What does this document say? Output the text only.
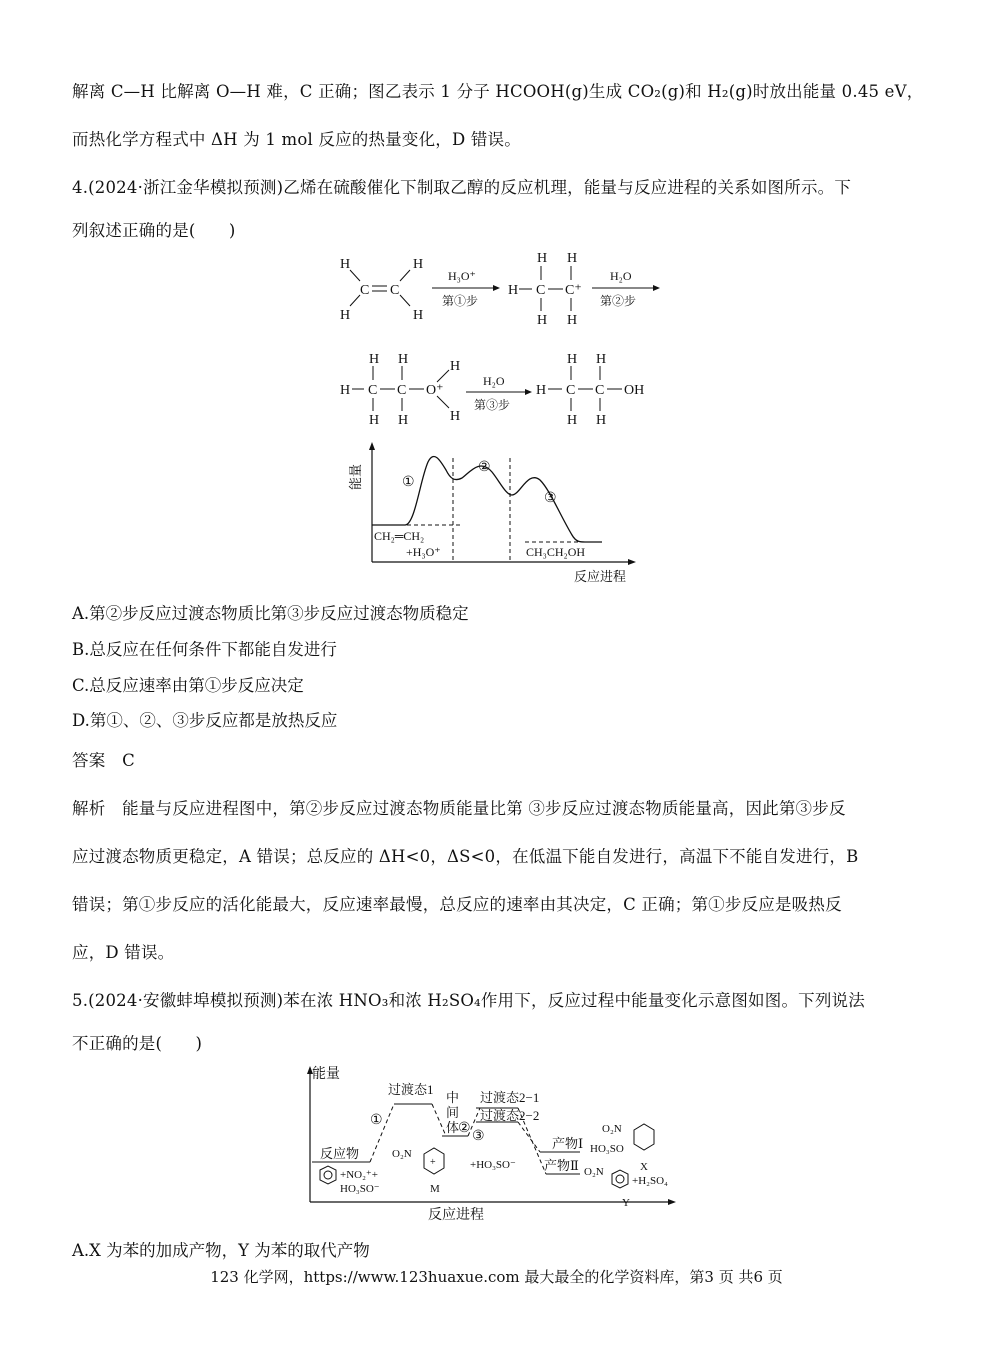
解离 C—H 比解离 O—H 难，C 正确；图乙表示 1 分子 HCOOH(g)生成 CO₂(g)和 H₂(g)时放出能量 0.45 eV，
而热化学方程式中 ΔH 为 1 mol 反应的热量变化，D 错误。
4.(2024·浙江金华模拟预测)乙烯在硫酸催化下制取乙醇的反应机理，能量与反应进程的关系如图所示。下
列叙述正确的是(　　)
H
H
H
H
C C
H₃O⁺
第①步
H C C⁺
H H
H H
H₂O
第②步
H C C O⁺
H H
H H
H
H
H₂O
第③步
H C C OH
H H
H H
能量
反应进程
①
②
③
CH₂═CH₂
+H₃O⁺	CH₃CH₂OH
A.第②步反应过渡态物质比第③步反应过渡态物质稳定
B.总反应在任何条件下都能自发进行
C.总反应速率由第①步反应决定
D.第①、②、③步反应都是放热反应
答案　C
解析　能量与反应进程图中，第②步反应过渡态物质能量比第 ③步反应过渡态物质能量高，因此第③步反
应过渡态物质更稳定，A 错误；总反应的 ΔH<0，ΔS<0，在低温下能自发进行，高温下不能自发进行，B
错误；第①步反应的活化能最大，反应速率最慢，总反应的速率由其决定，C 正确；第①步反应是吸热反
应，D 错误。
5.(2024·安徽蚌埠模拟预测)苯在浓 HNO₃和浓 H₂SO₄作用下，反应过程中能量变化示意图如图。下列说法
不正确的是(　　)
能量
反应进程
①
②
③
反应物
过渡态1
中
间
体
过渡态2−1
过渡态2−2
产物Ⅰ
产物Ⅱ
+NO₂⁺+
HO₃SO⁻
O₂N
+
M
+HO₃SO⁻
O₂N
HO₃SO
X
O₂N
+H₂SO₄
Y
A.X 为苯的加成产物，Y 为苯的取代产物
123 化学网，https://www.123huaxue.com 最大最全的化学资料库，第3 页 共6 页
